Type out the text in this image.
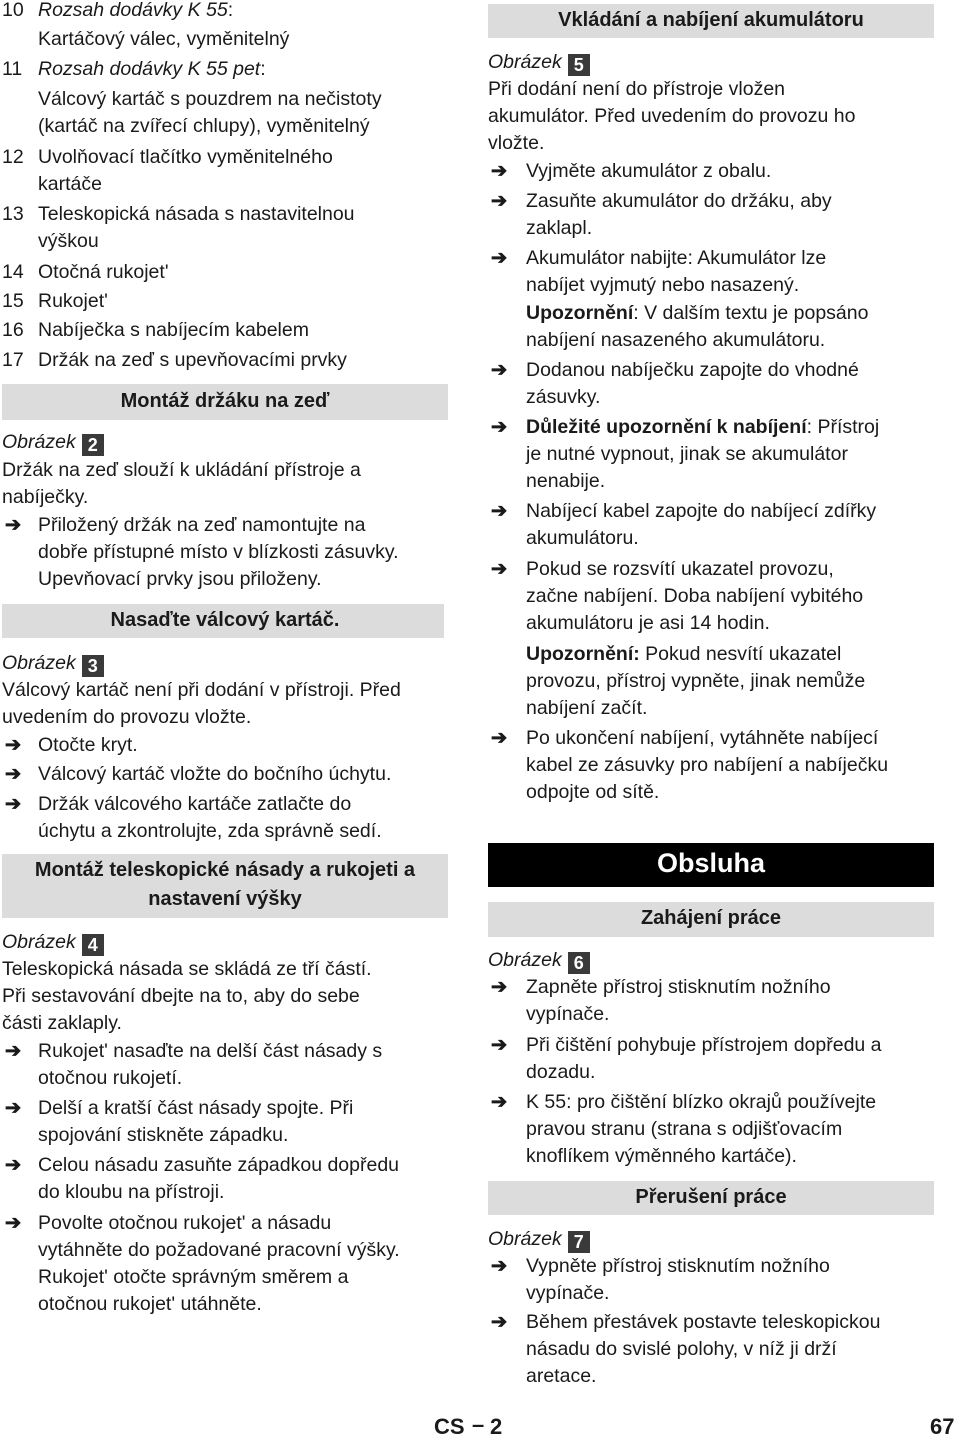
10 Rozsah dodávky K 55:
Kartáčový válec, vyměnitelný
11 Rozsah dodávky K 55 pet:
Válcový kartáč s pouzdrem na nečistoty
(kartáč na zvířecí chlupy), vyměnitelný
12 Uvolňovací tlačítko vyměnitelného
kartáče
13 Teleskopická násada s nastavitelnou
výškou
14 Otočná rukojet'
15 Rukojet'
16 Nabíječka s nabíjecím kabelem
17 Držák na zeď s upevňovacími prvky
Montáž držáku na zeď
Obrázek 2
Držák na zeď slouží k ukládání přístroje a
nabíječky.
➔ Přiložený držák na zeď namontujte na
dobře přístupné místo v blízkosti zásuvky.
Upevňovací prvky jsou přiloženy.
Nasaďte válcový kartáč.
Obrázek 3
Válcový kartáč není při dodání v přístroji. Před
uvedením do provozu vložte.
➔ Otočte kryt.
➔ Válcový kartáč vložte do bočního úchytu.
➔ Držák válcového kartáče zatlačte do
úchytu a zkontrolujte, zda správně sedí.
Montáž teleskopické násady a rukojeti a
nastavení výšky
Obrázek 4
Teleskopická násada se skládá ze tří částí.
Při sestavování dbejte na to, aby do sebe
části zaklaply.
➔ Rukojet' nasaďte na delší část násady s
otočnou rukojetí.
➔ Delší a kratší část násady spojte. Při
spojování stiskněte západku.
➔ Celou násadu zasuňte západkou dopředu
do kloubu na přístroji.
➔ Povolte otočnou rukojet' a násadu
vytáhněte do požadované pracovní výšky.
Rukojet' otočte správným směrem a
otočnou rukojet' utáhněte.
Vkládání a nabíjení akumulátoru
Obrázek 5
Při dodání není do přístroje vložen
akumulátor. Před uvedením do provozu ho
vložte.
➔ Vyjměte akumulátor z obalu.
➔ Zasuňte akumulátor do držáku, aby
zaklapl.
➔ Akumulátor nabijte: Akumulátor lze
nabíjet vyjmutý nebo nasazený.
Upozornění: V dalším textu je popsáno
nabíjení nasazeného akumulátoru.
➔ Dodanou nabíječku zapojte do vhodné
zásuvky.
➔ Důležité upozornění k nabíjení: Přístroj
je nutné vypnout, jinak se akumulátor
nenabije.
➔ Nabíjecí kabel zapojte do nabíjecí zdířky
akumulátoru.
➔ Pokud se rozsvítí ukazatel provozu,
začne nabíjení. Doba nabíjení vybitého
akumulátoru je asi 14 hodin.
Upozornění: Pokud nesvítí ukazatel
provozu, přístroj vypněte, jinak nemůže
nabíjení začít.
➔ Po ukončení nabíjení, vytáhněte nabíjecí
kabel ze zásuvky pro nabíjení a nabíječku
odpojte od sítě.
Obsluha
Zahájení práce
Obrázek 6
➔ Zapněte přístroj stisknutím nožního
vypínače.
➔ Při čištění pohybuje přístrojem dopředu a
dozadu.
➔ K 55: pro čištění blízko okrajů používejte
pravou stranu (strana s odjišťovacím
knoflíkem výměnného kartáče).
Přerušení práce
Obrázek 7
➔ Vypněte přístroj stisknutím nožního
vypínače.
➔ Během přestávek postavte teleskopickou
násadu do svislé polohy, v níž ji drží
aretace.
CS – 2	67
